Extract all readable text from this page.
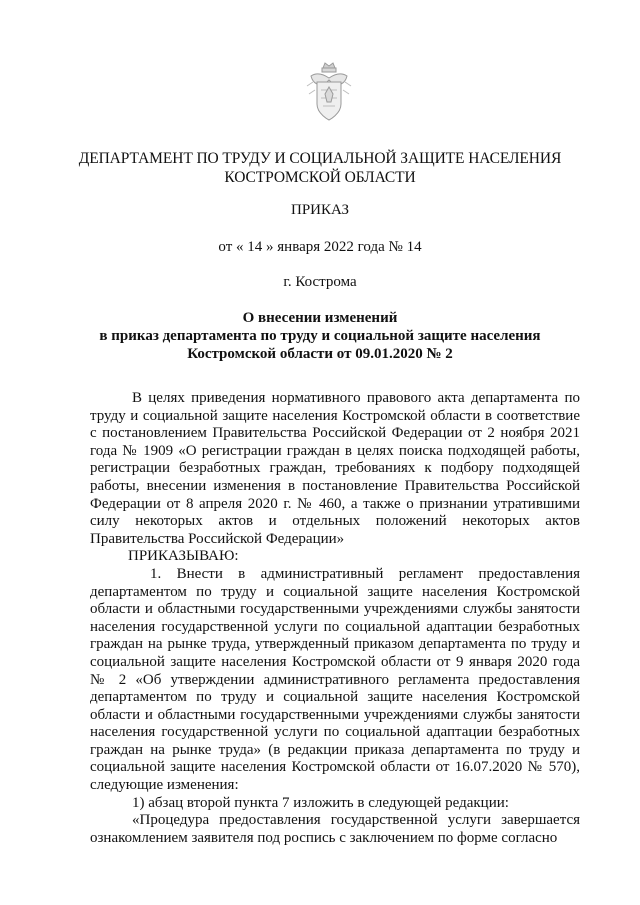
ДЕПАРТАМЕНТ ПО ТРУДУ И СОЦИАЛЬНОЙ ЗАЩИТЕ НАСЕЛЕНИЯ
КОСТРОМСКОЙ ОБЛАСТИ
ПРИКАЗ
от « 14 » января 2022 года № 14
г. Кострома
О внесении изменений
в приказ департамента по труду и социальной защите населения
Костромской области от 09.01.2020 № 2

В целях приведения нормативного правового акта департамента по труду и социальной защите населения Костромской области в соответствие с постановлением Правительства Российской Федерации от 2 ноября 2021 года № 1909 «О регистрации граждан в целях поиска подходящей работы, регистрации безработных граждан, требованиях к подбору подходящей работы, внесении изменения в постановление Правительства Российской Федерации от 8 апреля 2020 г. № 460, а также о признании утратившими силу некоторых актов и отдельных положений некоторых актов Правительства Российской Федерации»

ПРИКАЗЫВАЮ:

1. Внести в административный регламент предоставления департаментом по труду и социальной защите населения Костромской области и областными государственными учреждениями службы занятости населения государственной услуги по социальной адаптации безработных граждан на рынке труда, утвержденный приказом департамента по труду и социальной защите населения Костромской области от 9 января 2020 года № 2 «Об утверждении административного регламента предоставления департаментом по труду и социальной защите населения Костромской области и областными государственными учреждениями службы занятости населения государственной услуги по социальной адаптации безработных граждан на рынке труда» (в редакции приказа департамента по труду и социальной защите населения Костромской области от 16.07.2020 № 570), следующие изменения:

1) абзац второй пункта 7 изложить в следующей редакции:

«Процедура предоставления государственной услуги завершается ознакомлением заявителя под роспись с заключением по форме согласно
